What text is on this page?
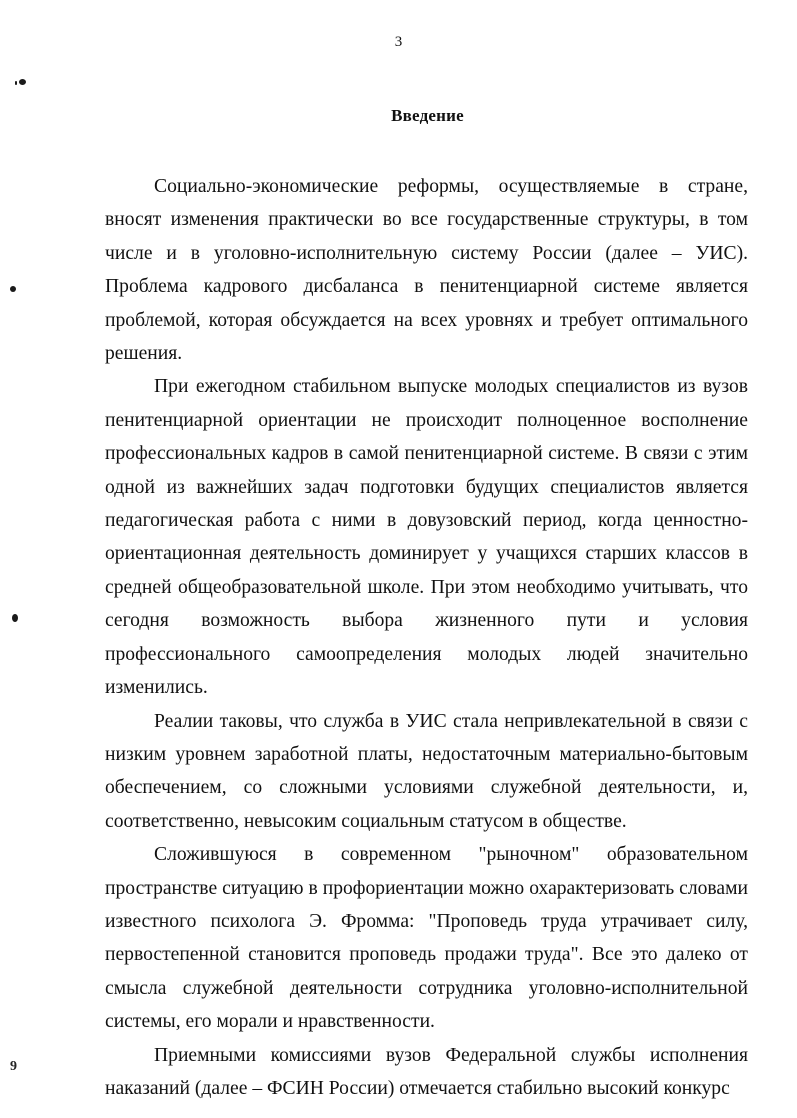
3
Введение

Социально-экономические реформы, осуществляемые в стране, вносят изменения практически во все государственные структуры, в том числе и в уголовно-исполнительную систему России (далее – УИС). Проблема кадрового дисбаланса в пенитенциарной системе является проблемой, которая обсуждается на всех уровнях и требует оптимального решения.

При ежегодном стабильном выпуске молодых специалистов из вузов пенитенциарной ориентации не происходит полноценное восполнение профессиональных кадров в самой пенитенциарной системе. В связи с этим одной из важнейших задач подготовки будущих специалистов является педагогическая работа с ними в довузовский период, когда ценностно-ориентационная деятельность доминирует у учащихся старших классов в средней общеобразовательной школе. При этом необходимо учитывать, что сегодня возможность выбора жизненного пути и условия профессионального самоопределения молодых людей значительно изменились.

Реалии таковы, что служба в УИС стала непривлекательной в связи с низким уровнем заработной платы, недостаточным материально-бытовым обеспечением, со сложными условиями служебной деятельности, и, соответственно, невысоким социальным статусом в обществе.

Сложившуюся в современном "рыночном" образовательном пространстве ситуацию в профориентации можно охарактеризовать словами известного психолога Э. Фромма: "Проповедь труда утрачивает силу, первостепенной становится проповедь продажи труда". Все это далеко от смысла служебной деятельности сотрудника уголовно-исполнительной системы, его морали и нравственности.

Приемными комиссиями вузов Федеральной службы исполнения наказаний (далее – ФСИН России) отмечается стабильно высокий конкурс

9
